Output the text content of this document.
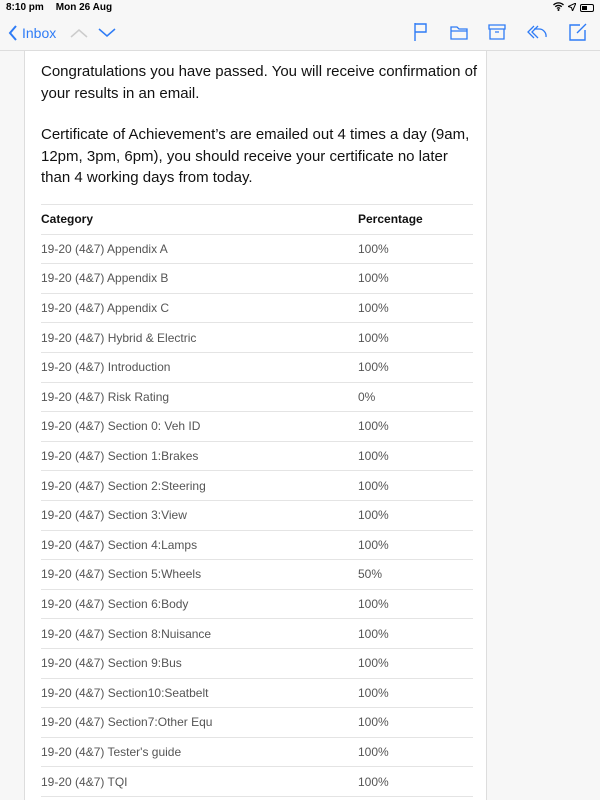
8:10 pm Mon 26 Aug
Inbox

Congratulations you have passed. You will receive confirmation of your results in an email.

Certificate of Achievement’s are emailed out 4 times a day (9am, 12pm, 3pm, 6pm), you should receive your certificate no later than 4 working days from today.

Category	Percentage
19-20 (4&7) Appendix A	100%
19-20 (4&7) Appendix B	100%
19-20 (4&7) Appendix C	100%
19-20 (4&7) Hybrid & Electric	100%
19-20 (4&7) Introduction	100%
19-20 (4&7) Risk Rating	0%
19-20 (4&7) Section 0: Veh ID	100%
19-20 (4&7) Section 1:Brakes	100%
19-20 (4&7) Section 2:Steering	100%
19-20 (4&7) Section 3:View	100%
19-20 (4&7) Section 4:Lamps	100%
19-20 (4&7) Section 5:Wheels	50%
19-20 (4&7) Section 6:Body	100%
19-20 (4&7) Section 8:Nuisance	100%
19-20 (4&7) Section 9:Bus	100%
19-20 (4&7) Section10:Seatbelt	100%
19-20 (4&7) Section7:Other Equ	100%
19-20 (4&7) Tester's guide	100%
19-20 (4&7) TQI	100%
